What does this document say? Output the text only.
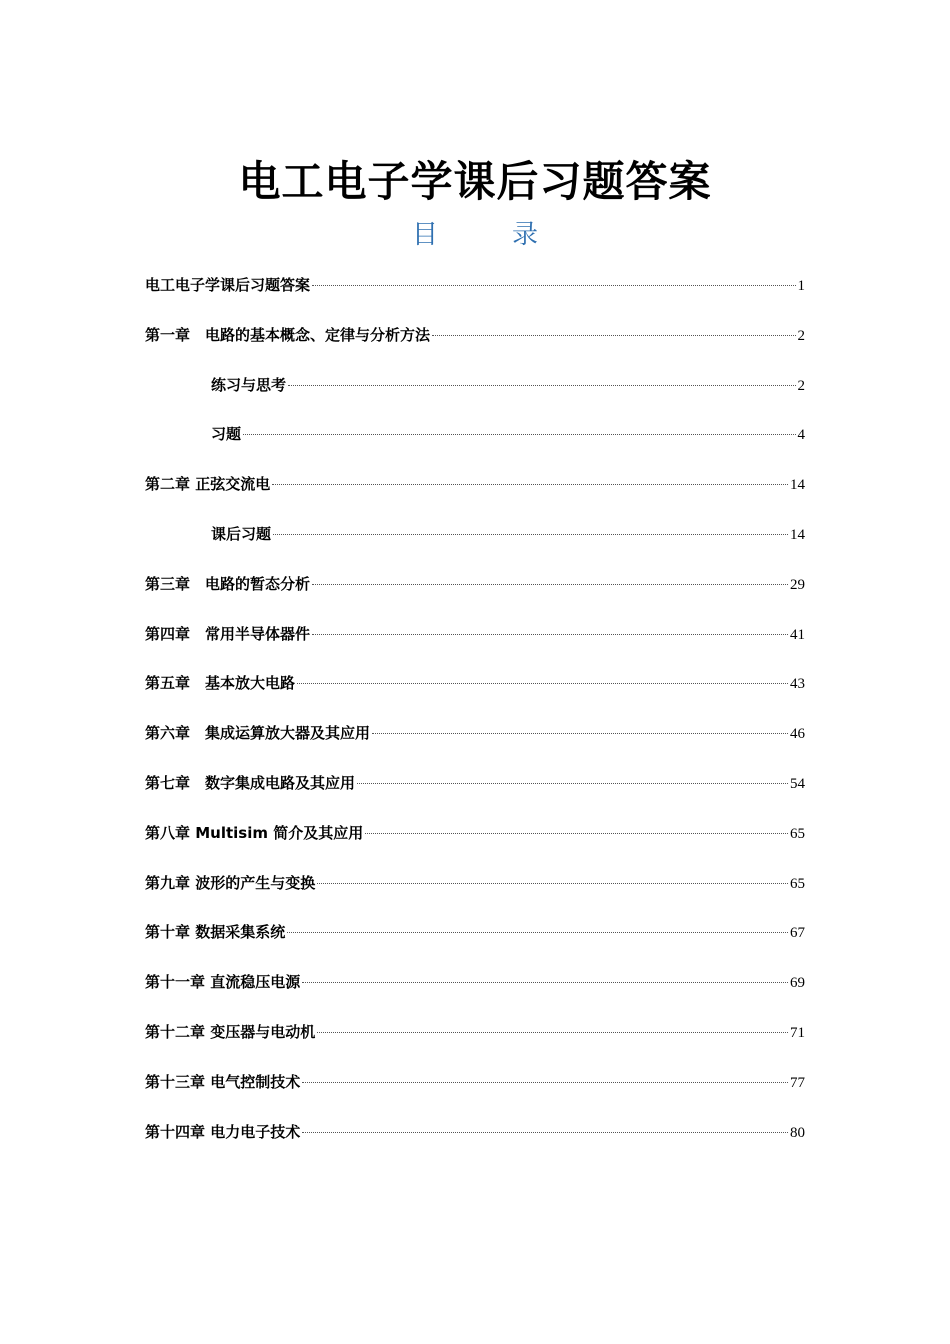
电工电子学课后习题答案
目	录
电工电子学课后习题答案	1
第一章　电路的基本概念、定律与分析方法	2
练习与思考	2
习题	4
第二章 正弦交流电	14
课后习题	14
第三章　电路的暂态分析	29
第四章　常用半导体器件	41
第五章　基本放大电路	43
第六章　集成运算放大器及其应用	46
第七章　数字集成电路及其应用	54
第八章 Multisim 简介及其应用	65
第九章 波形的产生与变换	65
第十章 数据采集系统	67
第十一章 直流稳压电源	69
第十二章 变压器与电动机	71
第十三章 电气控制技术	77
第十四章 电力电子技术	80
